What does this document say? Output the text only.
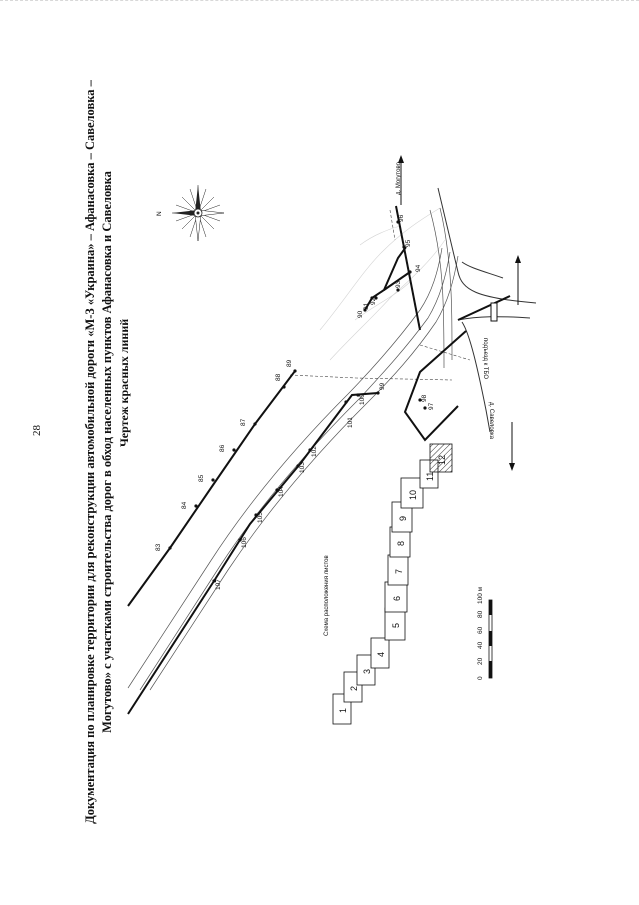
28	Документация по планировке территории для реконструкции автомобильной дороги «М-3 «Украина» – Афанасовка – Савеловка – Могутово» с участками строительства дорог в обход населенных пунктов Афанасовка и Савеловка Чертеж красных линий
N
д. Могутово
подъезд к ТБО
д. Савеловка
83
84
85
86
87
88
89
107
106
105
104
103
102
101
100
99
90
91
92
93
94
95
96
97
98
Схема расположения листов
1
2
3
4
5
6
7
8
9
10
11
12
0
20
40
60
80
100 м
